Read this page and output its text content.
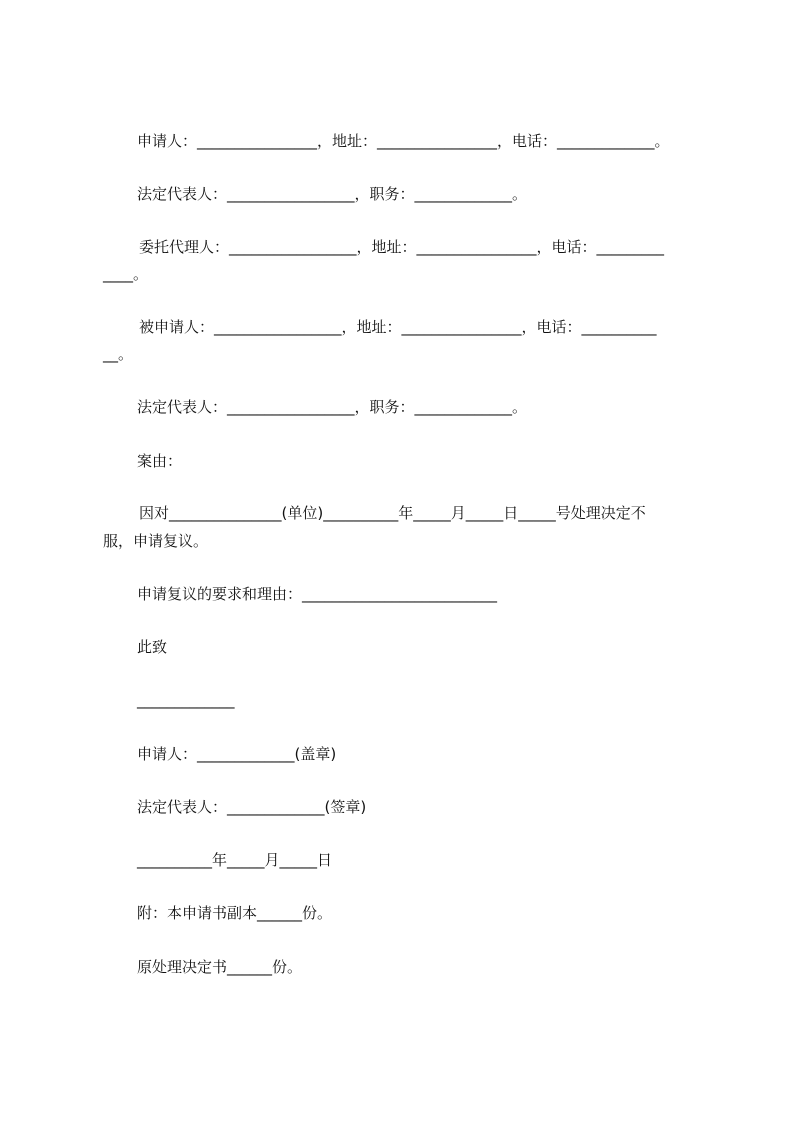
申请人：________________，地址：________________，电话：_____________。
法定代表人：_________________，职务：_____________。
委托代理人：_________________，地址：________________，电话：_________
____。
被申请人：_________________，地址：________________，电话：__________
__。
法定代表人：_________________，职务：_____________。
案由：
因对_______________(单位)__________年_____月_____日_____号处理决定不
服，申请复议。
申请复议的要求和理由：__________________________
此致
_____________
申请人：_____________(盖章)
法定代表人：_____________(签章)
__________年_____月_____日
附：本申请书副本______份。
原处理决定书______份。
